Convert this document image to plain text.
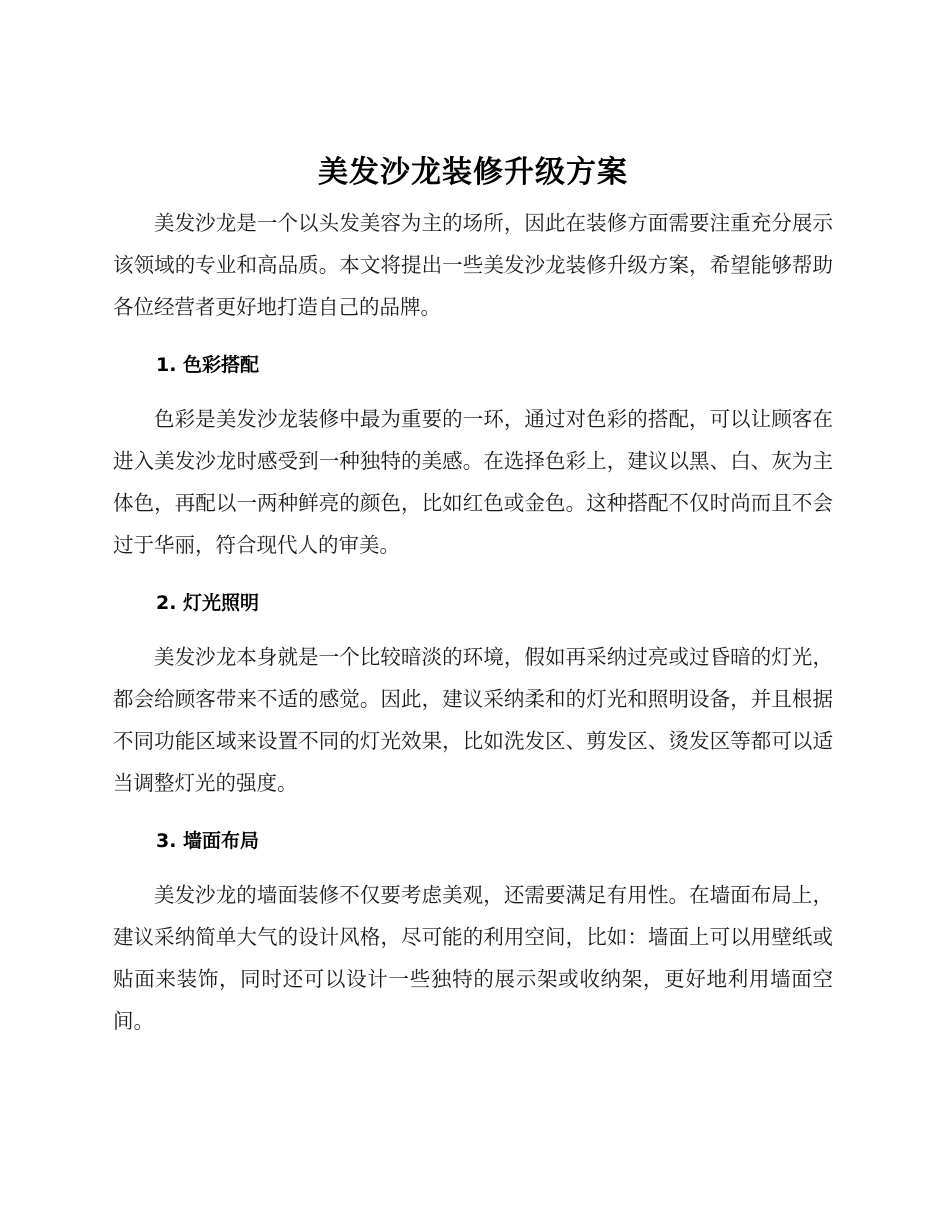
美发沙龙装修升级方案

美发沙龙是一个以头发美容为主的场所，因此在装修方面需要注重充分展示该领域的专业和高品质。本文将提出一些美发沙龙装修升级方案，希望能够帮助各位经营者更好地打造自己的品牌。

1. 色彩搭配

色彩是美发沙龙装修中最为重要的一环，通过对色彩的搭配，可以让顾客在进入美发沙龙时感受到一种独特的美感。在选择色彩上，建议以黑、白、灰为主体色，再配以一两种鲜亮的颜色，比如红色或金色。这种搭配不仅时尚而且不会过于华丽，符合现代人的审美。

2. 灯光照明

美发沙龙本身就是一个比较暗淡的环境，假如再采纳过亮或过昏暗的灯光，都会给顾客带来不适的感觉。因此，建议采纳柔和的灯光和照明设备，并且根据不同功能区域来设置不同的灯光效果，比如洗发区、剪发区、烫发区等都可以适当调整灯光的强度。

3. 墙面布局

美发沙龙的墙面装修不仅要考虑美观，还需要满足有用性。在墙面布局上，建议采纳简单大气的设计风格，尽可能的利用空间，比如：墙面上可以用壁纸或贴面来装饰，同时还可以设计一些独特的展示架或收纳架，更好地利用墙面空间。
